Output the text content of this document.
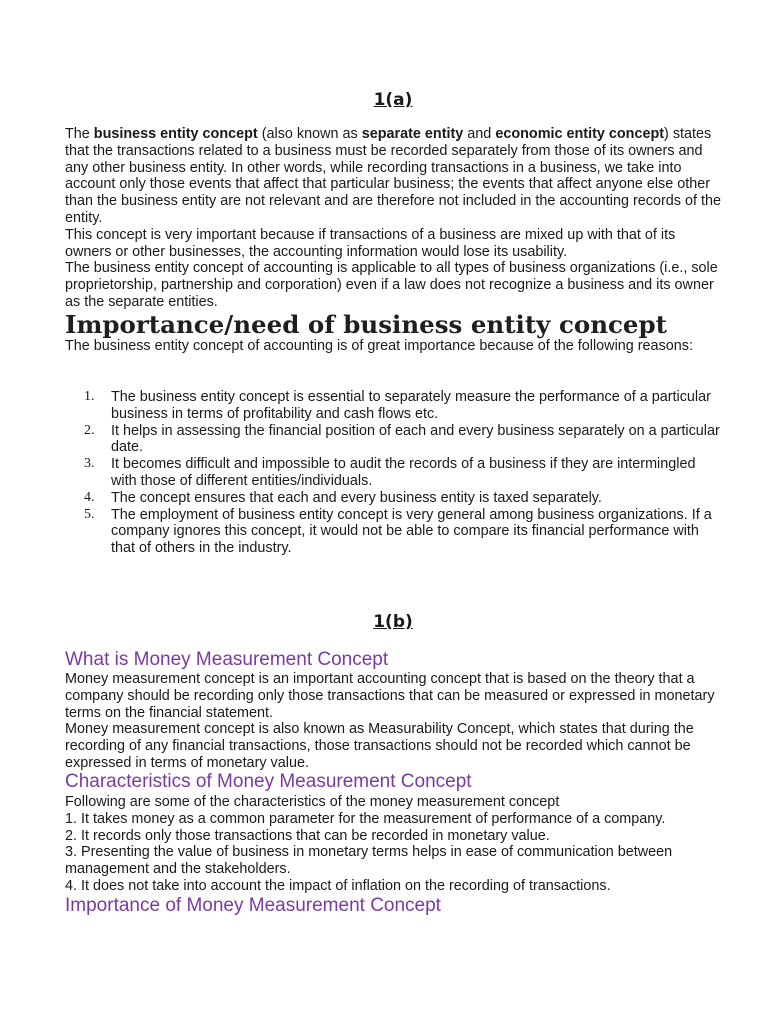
1(a)

The business entity concept (also known as separate entity and economic entity concept) states that the transactions related to a business must be recorded separately from those of its owners and any other business entity. In other words, while recording transactions in a business, we take into account only those events that affect that particular business; the events that affect anyone else other than the business entity are not relevant and are therefore not included in the accounting records of the entity.

This concept is very important because if transactions of a business are mixed up with that of its owners or other businesses, the accounting information would lose its usability.

The business entity concept of accounting is applicable to all types of business organizations (i.e., sole proprietorship, partnership and corporation) even if a law does not recognize a business and its owner as the separate entities.

Importance/need of business entity concept

The business entity concept of accounting is of great importance because of the following reasons:

1. The business entity concept is essential to separately measure the performance of a particular business in terms of profitability and cash flows etc.
2. It helps in assessing the financial position of each and every business separately on a particular date.
3. It becomes difficult and impossible to audit the records of a business if they are intermingled with those of different entities/individuals.
4. The concept ensures that each and every business entity is taxed separately.
5. The employment of business entity concept is very general among business organizations. If a company ignores this concept, it would not be able to compare its financial performance with that of others in the industry.
1(b)
What is Money Measurement Concept

Money measurement concept is an important accounting concept that is based on the theory that a company should be recording only those transactions that can be measured or expressed in monetary terms on the financial statement.

Money measurement concept is also known as Measurability Concept, which states that during the recording of any financial transactions, those transactions should not be recorded which cannot be expressed in terms of monetary value.

Characteristics of Money Measurement Concept

Following are some of the characteristics of the money measurement concept

1. It takes money as a common parameter for the measurement of performance of a company.

2. It records only those transactions that can be recorded in monetary value.

3. Presenting the value of business in monetary terms helps in ease of communication between management and the stakeholders.

4. It does not take into account the impact of inflation on the recording of transactions.

Importance of Money Measurement Concept
